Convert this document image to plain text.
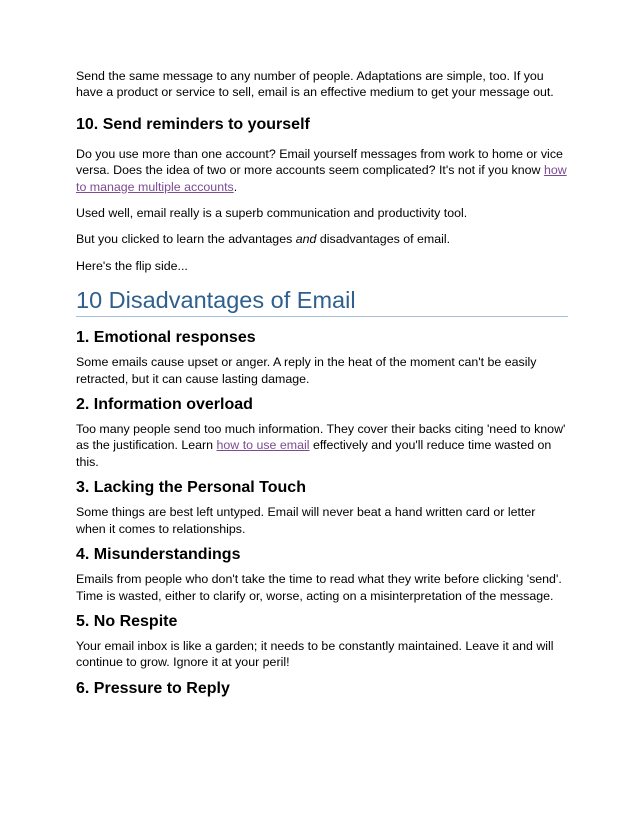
Send the same message to any number of people. Adaptations are simple, too. If you have a product or service to sell, email is an effective medium to get your message out.

10. Send reminders to yourself

Do you use more than one account? Email yourself messages from work to home or vice versa. Does the idea of two or more accounts seem complicated? It's not if you know how to manage multiple accounts.

Used well, email really is a superb communication and productivity tool.

But you clicked to learn the advantages and disadvantages of email.

Here's the flip side...

10 Disadvantages of Email
1. Emotional responses

Some emails cause upset or anger. A reply in the heat of the moment can't be easily retracted, but it can cause lasting damage.

2. Information overload

Too many people send too much information. They cover their backs citing 'need to know' as the justification. Learn how to use email effectively and you'll reduce time wasted on this.

3. Lacking the Personal Touch

Some things are best left untyped. Email will never beat a hand written card or letter when it comes to relationships.

4. Misunderstandings

Emails from people who don't take the time to read what they write before clicking 'send'. Time is wasted, either to clarify or, worse, acting on a misinterpretation of the message.

5. No Respite

Your email inbox is like a garden; it needs to be constantly maintained. Leave it and will continue to grow. Ignore it at your peril!

6. Pressure to Reply
